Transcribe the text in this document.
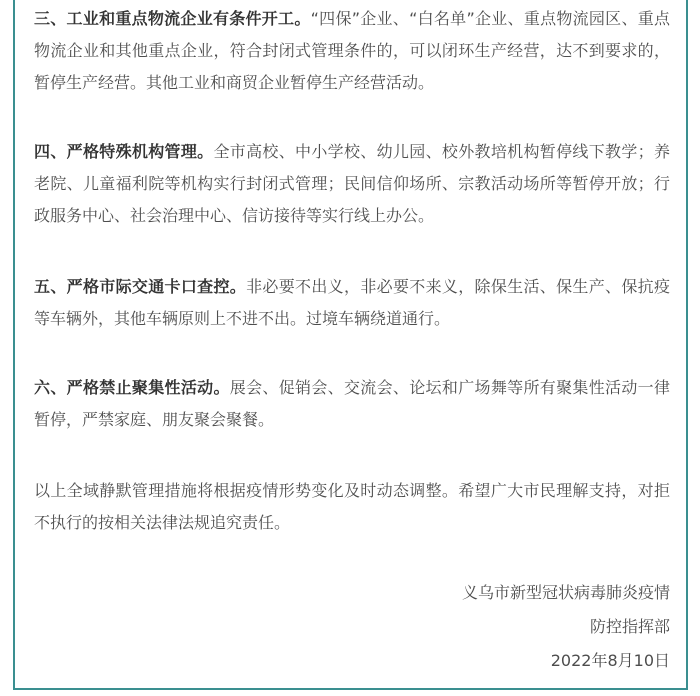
三、工业和重点物流企业有条件开工。“四保”企业、“白名单”企业、重点物流园区、重点物流企业和其他重点企业，符合封闭式管理条件的，可以闭环生产经营，达不到要求的，暂停生产经营。其他工业和商贸企业暂停生产经营活动。

四、严格特殊机构管理。全市高校、中小学校、幼儿园、校外教培机构暂停线下教学；养老院、儿童福利院等机构实行封闭式管理；民间信仰场所、宗教活动场所等暂停开放；行政服务中心、社会治理中心、信访接待等实行线上办公。

五、严格市际交通卡口查控。非必要不出义，非必要不来义，除保生活、保生产、保抗疫等车辆外，其他车辆原则上不进不出。过境车辆绕道通行。

六、严格禁止聚集性活动。展会、促销会、交流会、论坛和广场舞等所有聚集性活动一律暂停，严禁家庭、朋友聚会聚餐。

以上全域静默管理措施将根据疫情形势变化及时动态调整。希望广大市民理解支持，对拒不执行的按相关法律法规追究责任。

义乌市新型冠状病毒肺炎疫情
防控指挥部
2022年8月10日
